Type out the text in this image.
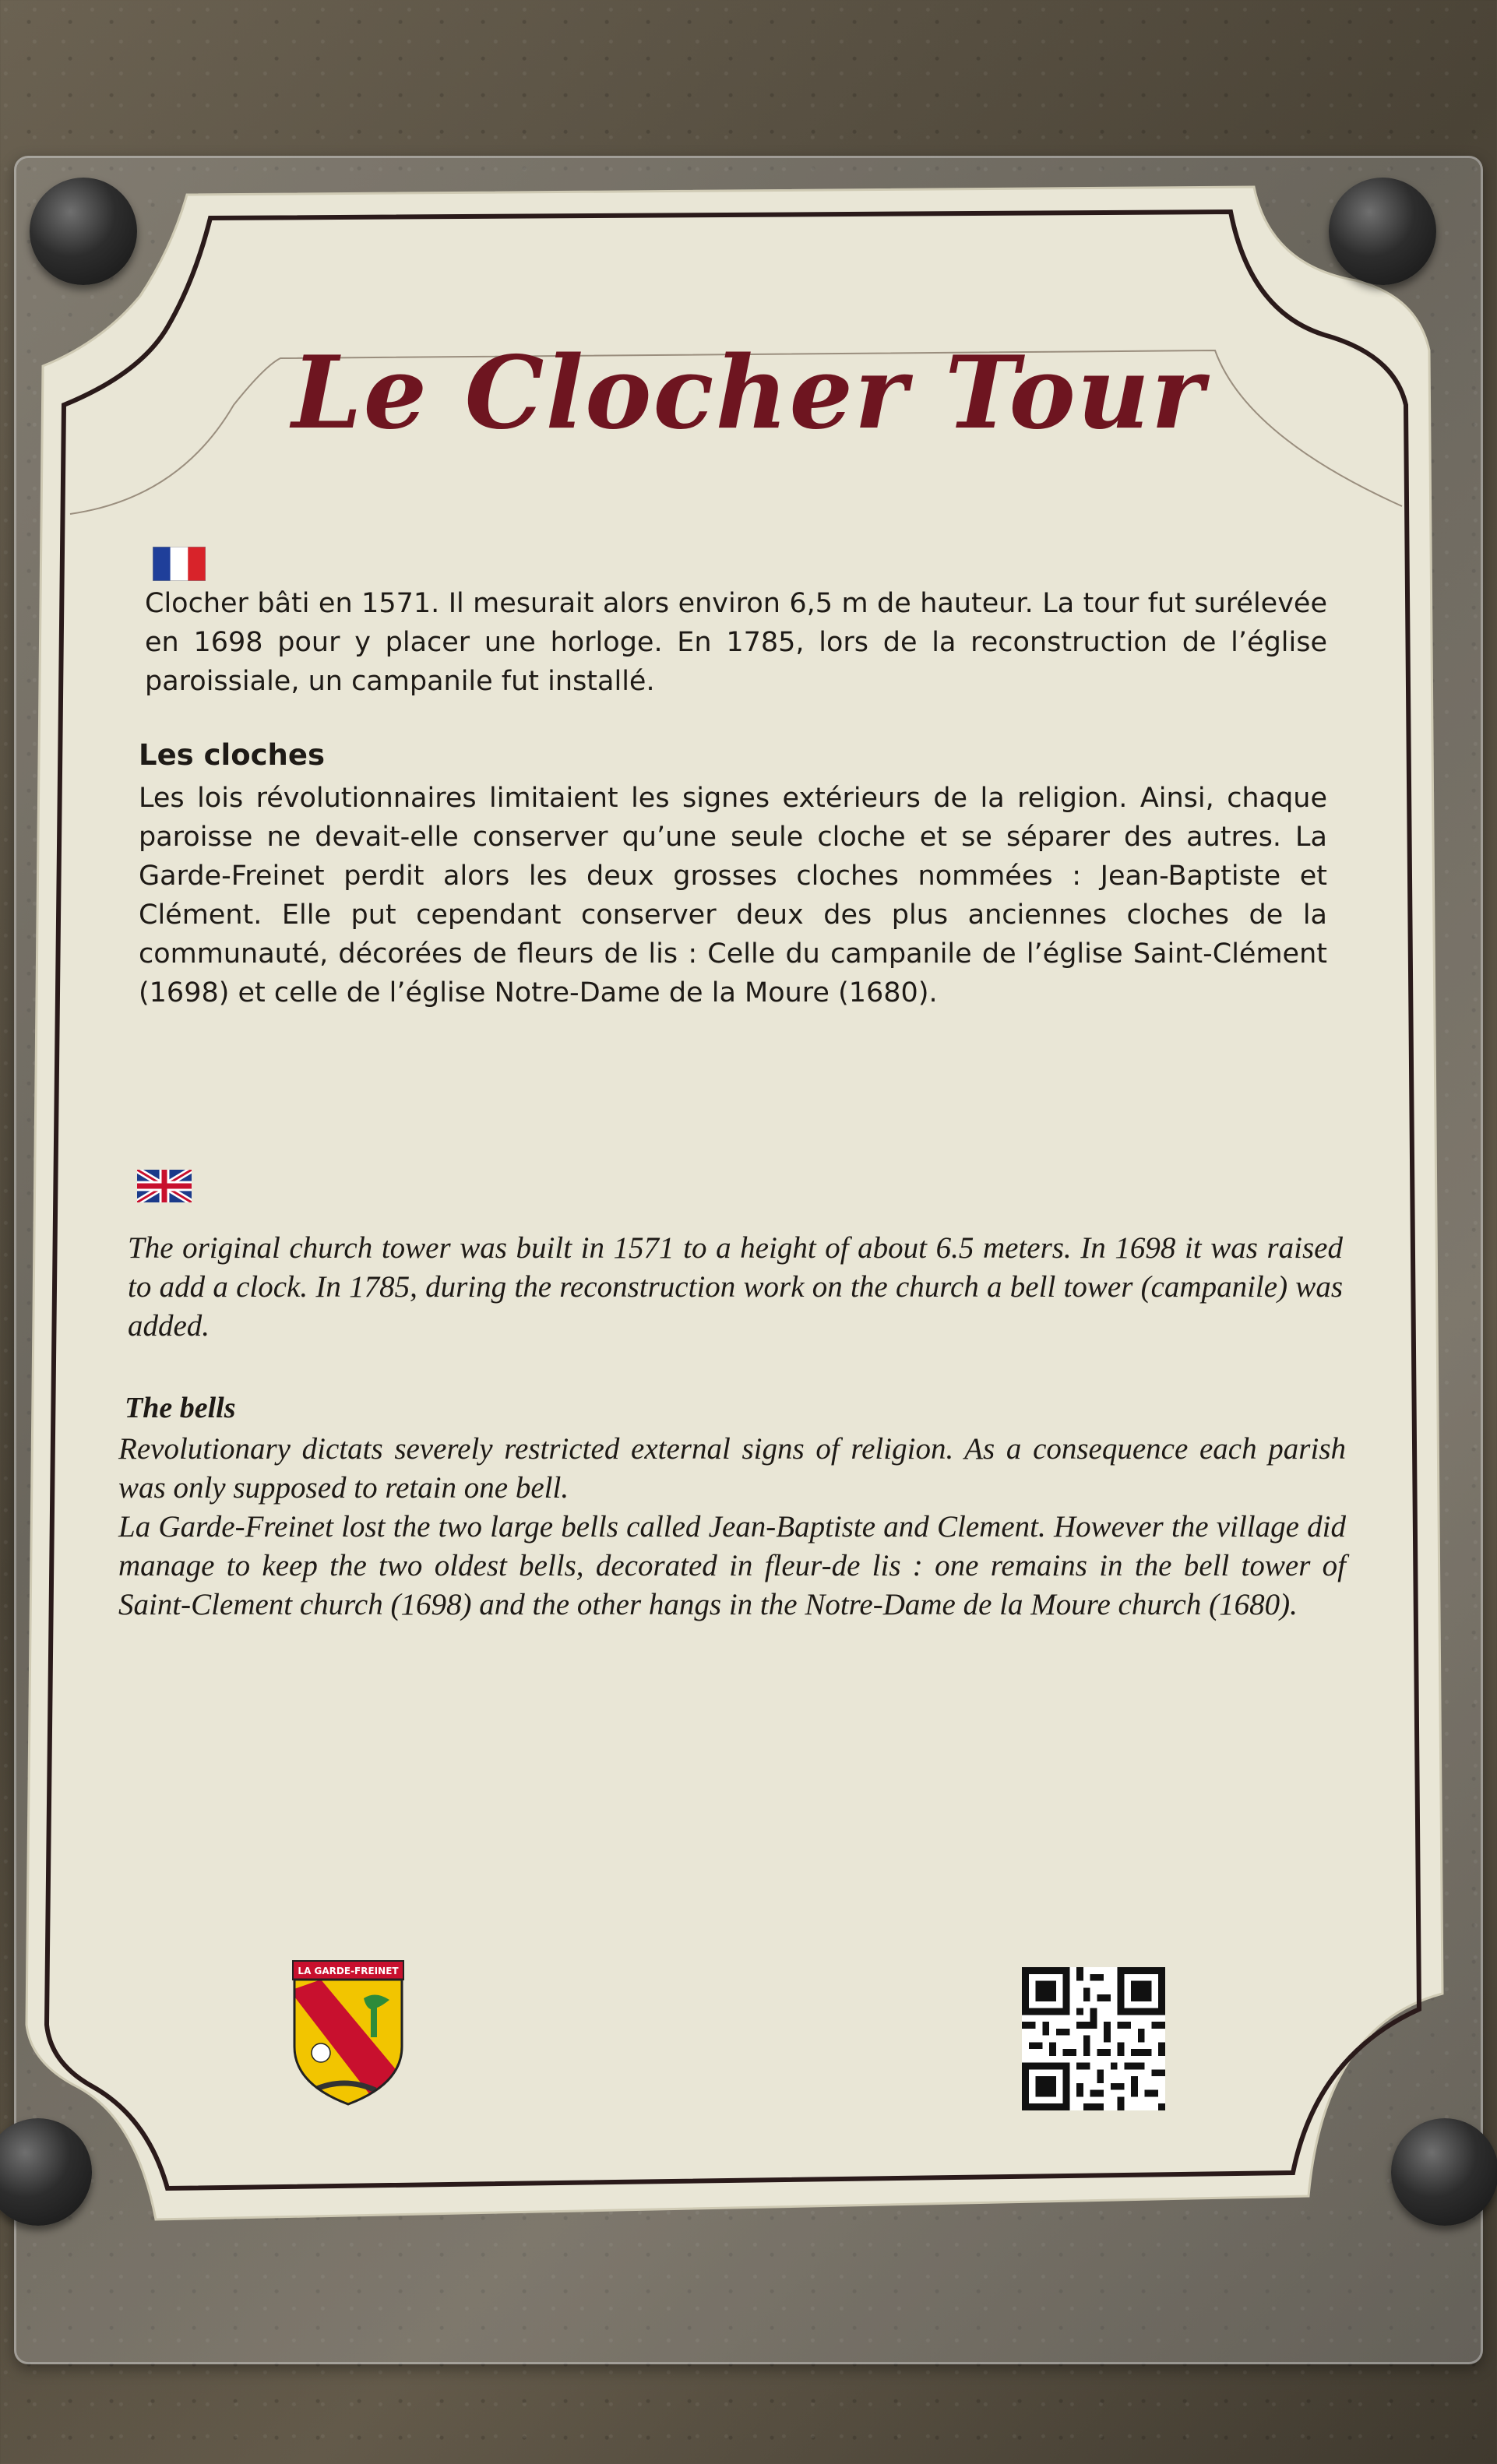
Le Clocher Tour
Clocher bâti en 1571. Il mesurait alors environ 6,5 m de hauteur. La tour fut surélevée en 1698 pour y placer une horloge. En 1785, lors de la reconstruction de l’église paroissiale, un campanile fut installé.
Les cloches
Les lois révolutionnaires limitaient les signes extérieurs de la religion. Ainsi, chaque paroisse ne devait-elle conserver qu’une seule cloche et se séparer des autres. La Garde-Freinet perdit alors les deux grosses cloches nommées : Jean-Baptiste et Clément. Elle put cependant conserver deux des plus anciennes cloches de la communauté, décorées de fleurs de lis : Celle du campanile de l’église Saint-Clément (1698) et celle de l’église Notre-Dame de la Moure (1680).
The original church tower was built in 1571 to a height of about 6.5 meters. In 1698 it was raised to add a clock. In 1785, during the reconstruction work on the church a bell tower (campanile) was added.
The bells
Revolutionary dictats severely restricted external signs of religion. As a consequence each parish was only supposed to retain one bell.
La Garde-Freinet lost the two large bells called Jean-Baptiste and Clement. However the village did manage to keep the two oldest bells, decorated in fleur-de lis : one remains in the bell tower of Saint-Clement church (1698) and the other hangs in the Notre-Dame de la Moure church (1680).
LA GARDE-FREINET
